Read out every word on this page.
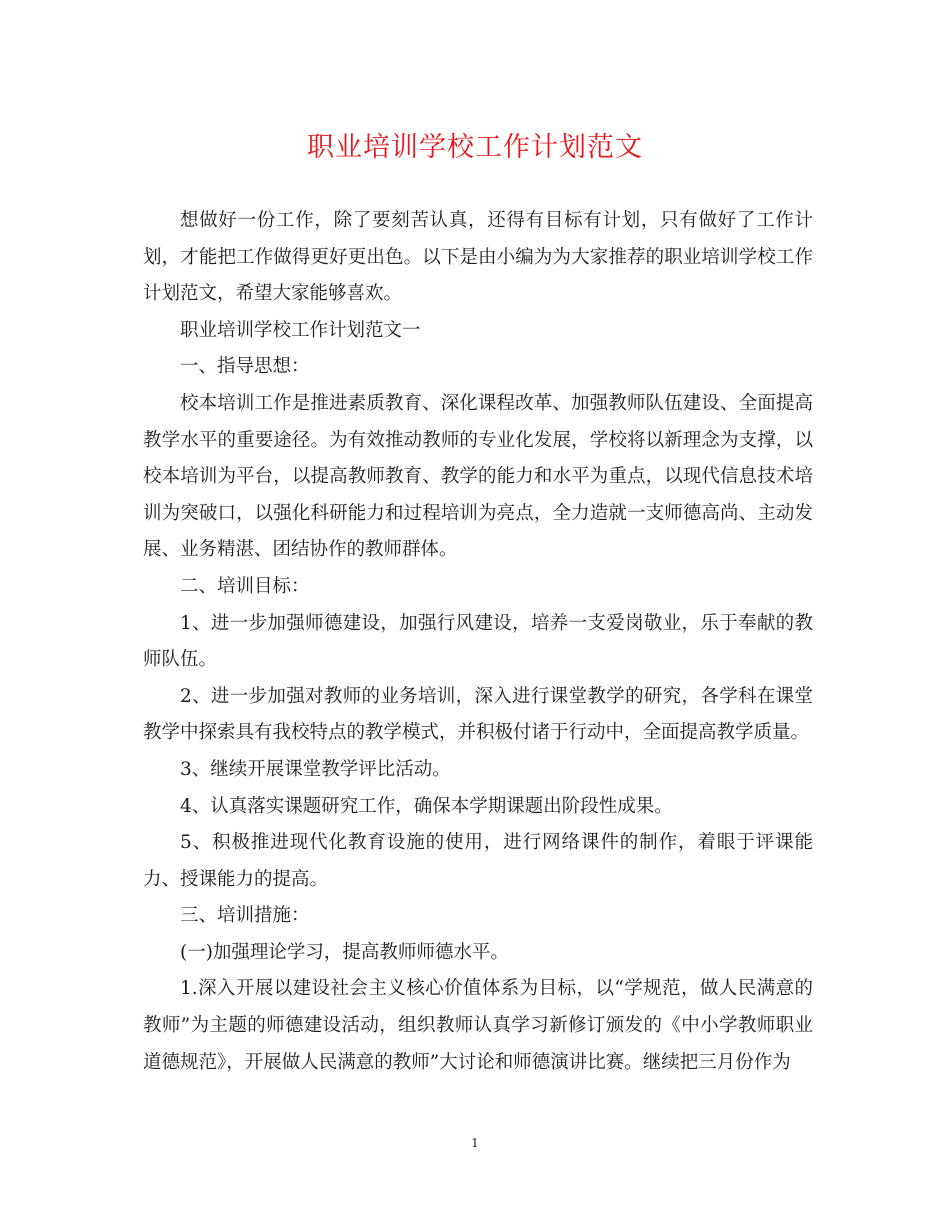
职业培训学校工作计划范文

想做好一份工作，除了要刻苦认真，还得有目标有计划，只有做好了工作计划，才能把工作做得更好更出色。以下是由小编为为大家推荐的职业培训学校工作计划范文，希望大家能够喜欢。

职业培训学校工作计划范文一

一、指导思想：

校本培训工作是推进素质教育、深化课程改革、加强教师队伍建设、全面提高教学水平的重要途径。为有效推动教师的专业化发展，学校将以新理念为支撑，以校本培训为平台，以提高教师教育、教学的能力和水平为重点，以现代信息技术培训为突破口，以强化科研能力和过程培训为亮点，全力造就一支师德高尚、主动发展、业务精湛、团结协作的教师群体。

二、培训目标：

1、进一步加强师德建设，加强行风建设，培养一支爱岗敬业，乐于奉献的教师队伍。

2、进一步加强对教师的业务培训，深入进行课堂教学的研究，各学科在课堂教学中探索具有我校特点的教学模式，并积极付诸于行动中，全面提高教学质量。

3、继续开展课堂教学评比活动。

4、认真落实课题研究工作，确保本学期课题出阶段性成果。

5、积极推进现代化教育设施的使用，进行网络课件的制作，着眼于评课能力、授课能力的提高。

三、培训措施：

(一)加强理论学习，提高教师师德水平。

1.深入开展以建设社会主义核心价值体系为目标，以“学规范，做人民满意的教师”为主题的师德建设活动，组织教师认真学习新修订颁发的《中小学教师职业道德规范》，开展做人民满意的教师”大讨论和师德演讲比赛。继续把三月份作为

1
